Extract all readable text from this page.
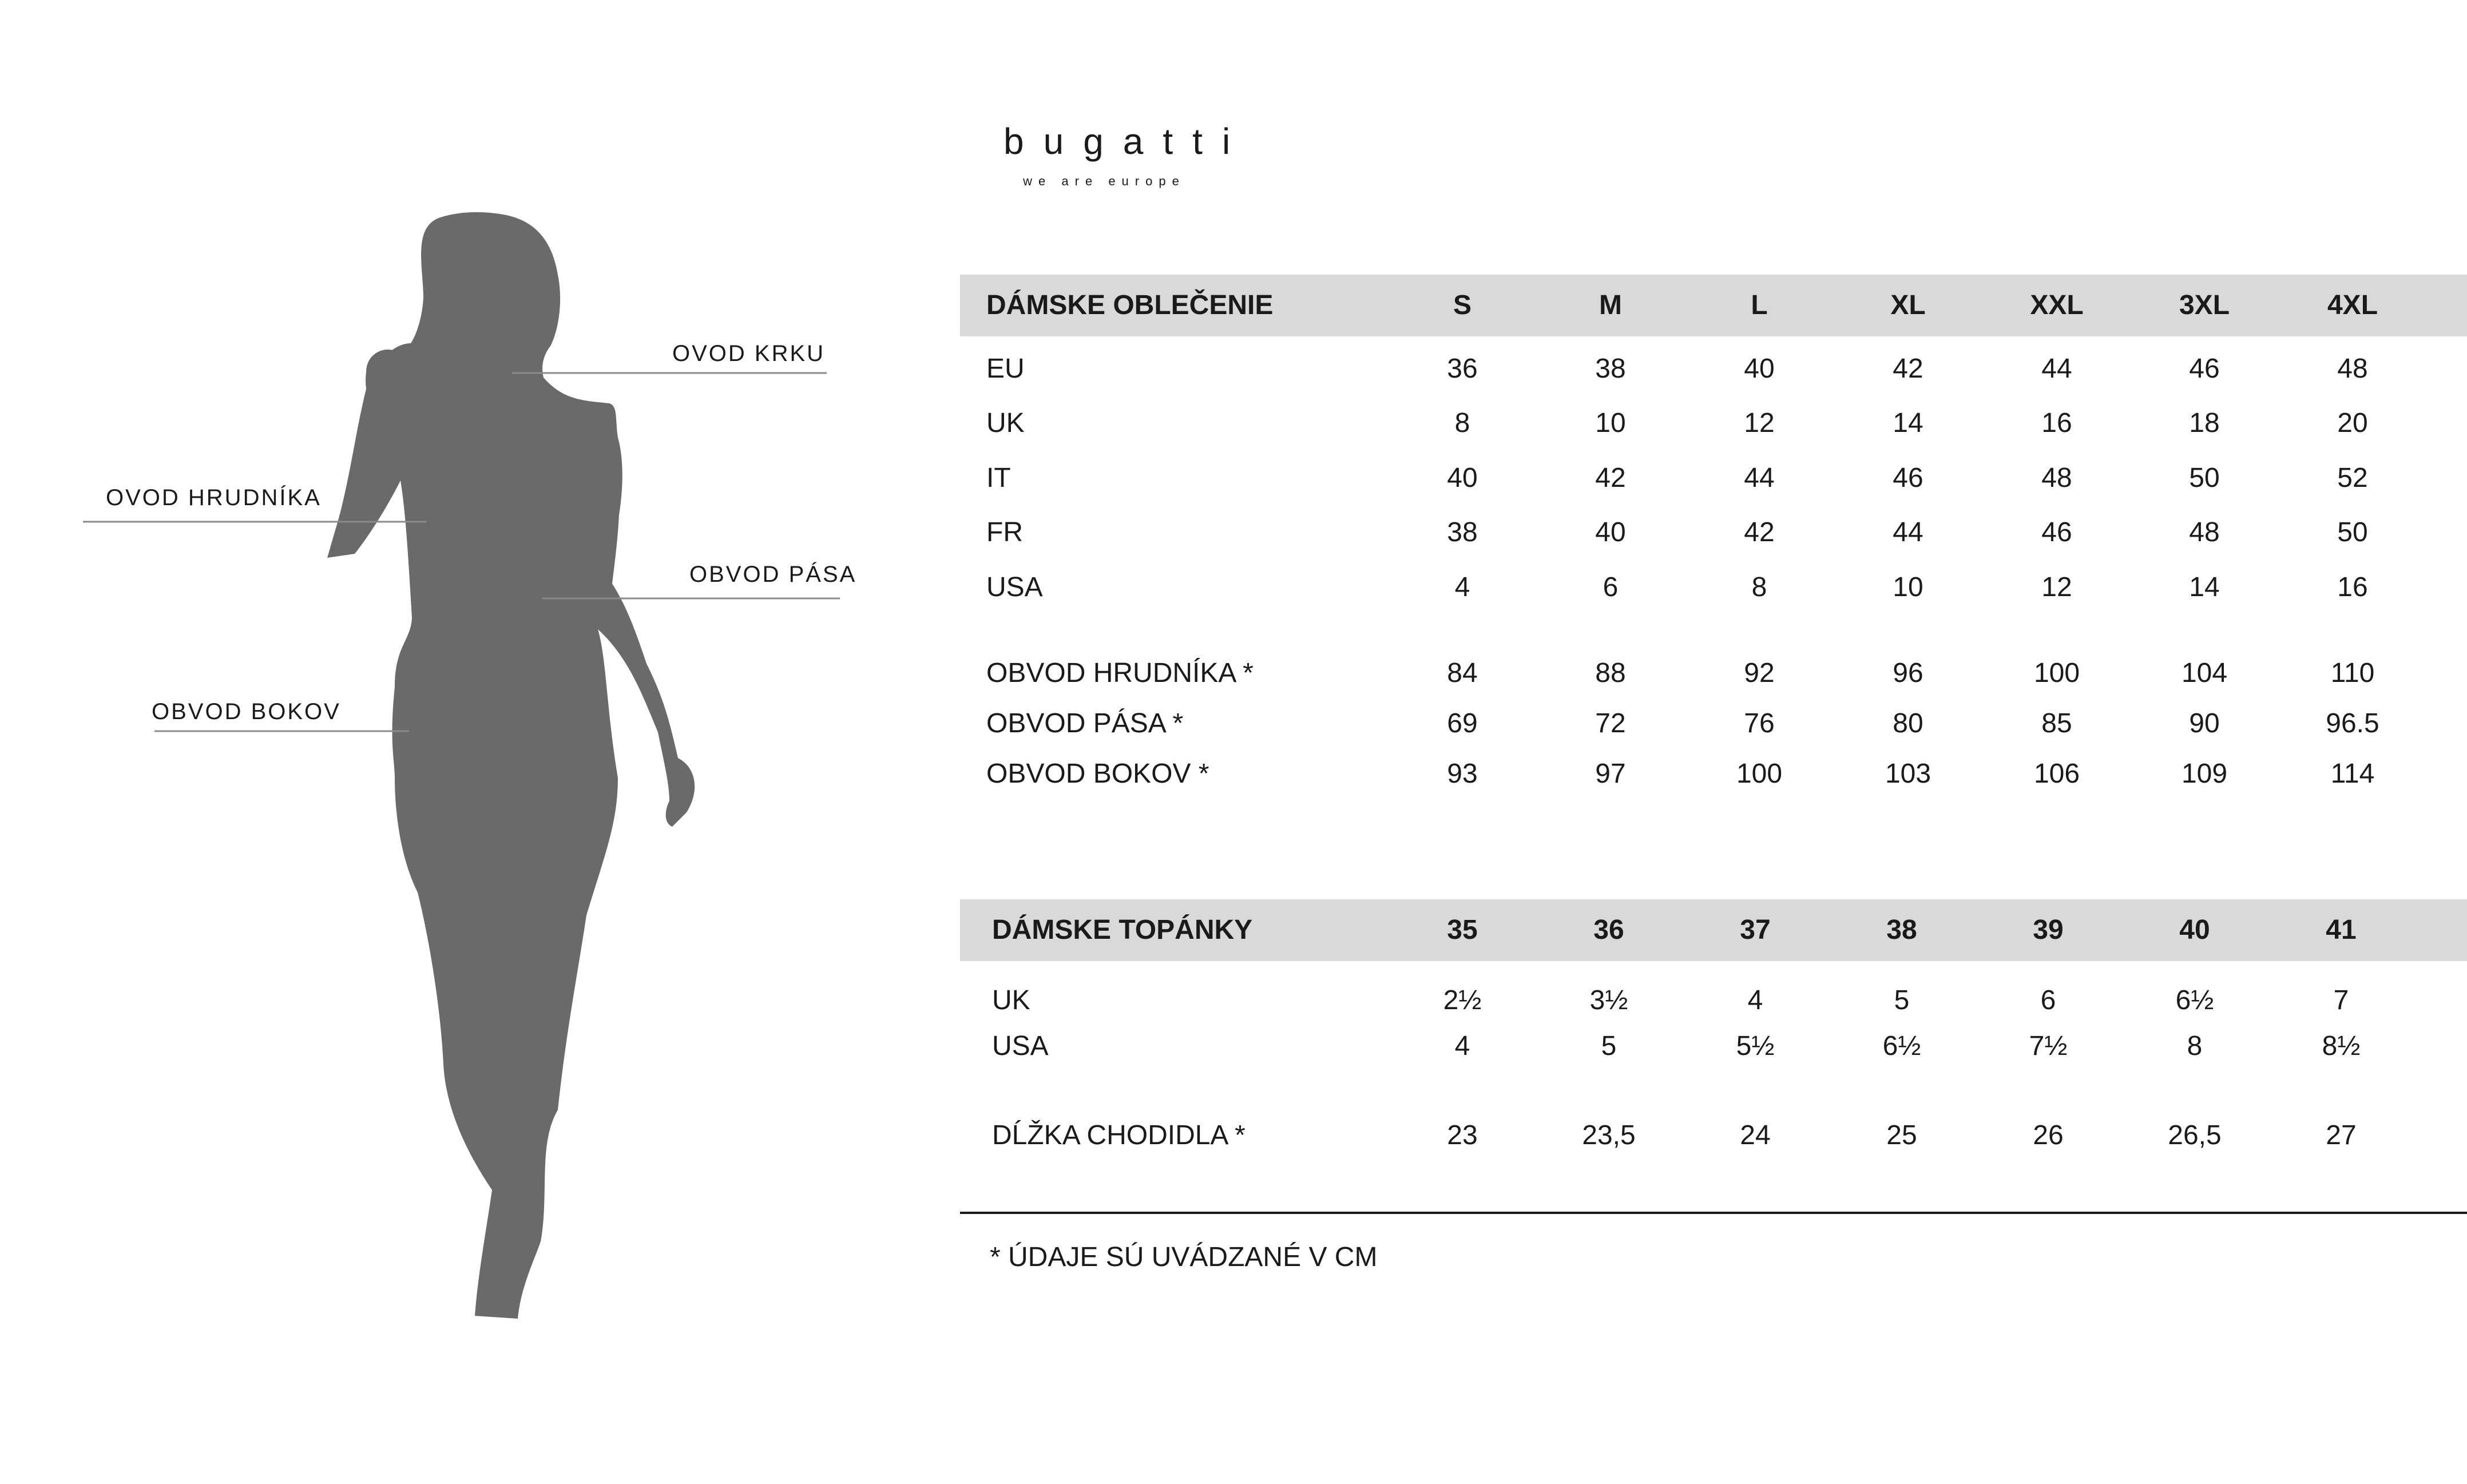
OVOD KRKU
OVOD HRUDNÍKA
OBVOD PÁSA
OBVOD BOKOV
bugatti
we are europe
DÁMSKE OBLEČENIE	S	M	L	XL	XXL	3XL	4XL
EU	36	38	40	42	44	46	48
UK	8	10	12	14	16	18	20
IT	40	42	44	46	48	50	52
FR	38	40	42	44	46	48	50
USA	4	6	8	10	12	14	16
OBVOD HRUDNÍKA *	84	88	92	96	100	104	110
OBVOD PÁSA *	69	72	76	80	85	90	96.5
OBVOD BOKOV *	93	97	100	103	106	109	114
DÁMSKE TOPÁNKY	35	36	37	38	39	40	41
UK	2½	3½	4	5	6	6½	7
USA	4	5	5½	6½	7½	8	8½
DĹŽKA CHODIDLA *	23	23,5	24	25	26	26,5	27
* ÚDAJE SÚ UVÁDZANÉ V CM
